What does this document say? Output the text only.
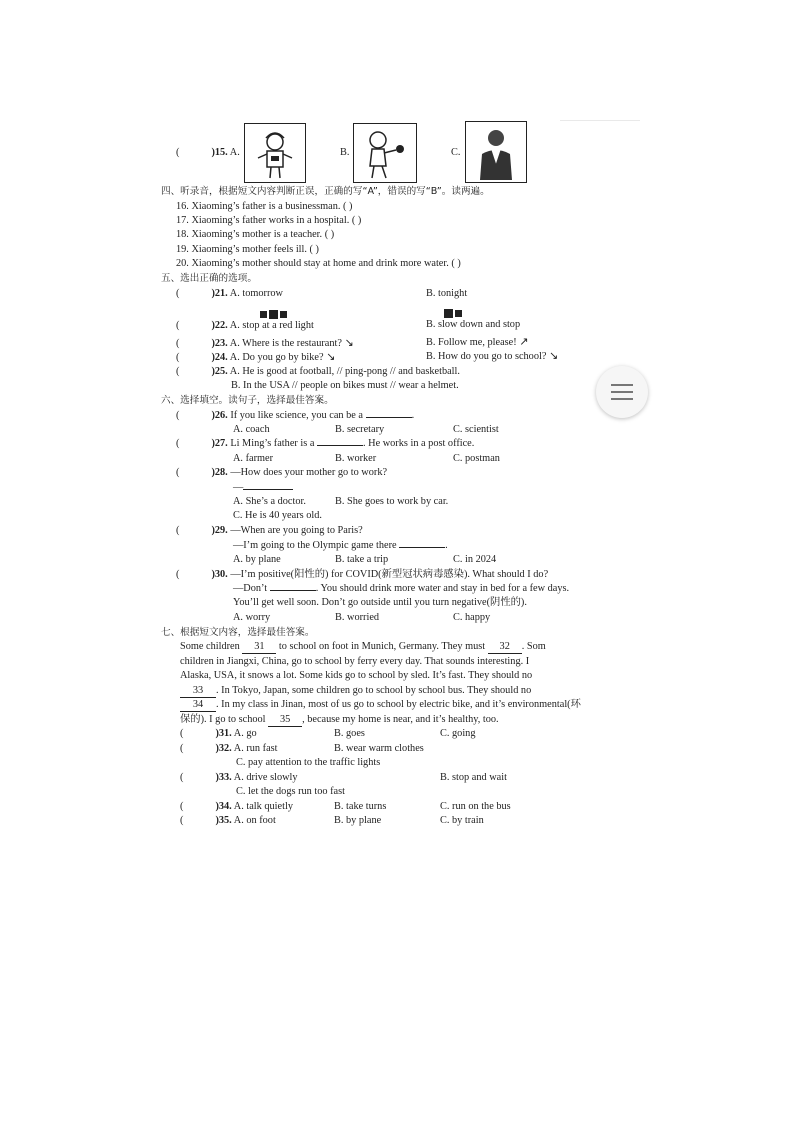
(	)15. A.	B.	C.
四、听录音，根据短文内容判断正误，正确的写“A”，错误的写“B”。读两遍。
16. Xiaoming’s father is a businessman. ( )
17. Xiaoming’s father works in a hospital. ( )
18. Xiaoming’s mother is a teacher. ( )
19. Xiaoming’s mother feels ill. ( )
20. Xiaoming’s mother should stay at home and drink more water. ( )
五、选出正确的选项。
(	)21. A. tomorrow	B. tonight
(	)22. A. stop at a red light	B. slow down and stop
(	)23. A. Where is the restaurant? ↘	B. Follow me, please! ↗
(	)24. A. Do you go by bike? ↘	B. How do you go to school? ↘
(	)25. A. He is good at football, // ping-pong // and basketball.
B. In the USA // people on bikes must // wear a helmet.
六、选择填空。读句子，选择最佳答案。
(	)26. If you like science, you can be a	.
A. coach	B. secretary	C. scientist
(	)27. Li Ming’s father is a	. He works in a post office.
A. farmer	B. worker	C. postman
(	)28. —How does your mother go to work?
—
A. She’s a doctor.	B. She goes to work by car.
C. He is 40 years old.
(	)29. —When are you going to Paris?
—I’m going to the Olympic game there	.
A. by plane	B. take a trip	C. in 2024
(	)30. —I’m positive(阳性的) for COVID(新型冠状病毒感染). What should I do?
—Don’t	. You should drink more water and stay in bed for a few days.
You’ll get well soon. Don’t go outside until you turn negative(阴性的).
A. worry	B. worried	C. happy
七、根据短文内容，选择最佳答案。
Some children 31 to school on foot in Munich, Germany. They must 32 . Som
children in Jiangxi, China, go to school by ferry every day. That sounds interesting. I
Alaska, USA, it snows a lot. Some kids go to school by sled. It’s fast. They should no
33 . In Tokyo, Japan, some children go to school by school bus. They should no
34 . In my class in Jinan, most of us go to school by electric bike, and it’s environmental(环
保的). I go to school 35 , because my home is near, and it’s healthy, too.
(	)31. A. go	B. goes	C. going
(	)32. A. run fast	B. wear warm clothes
C. pay attention to the traffic lights
(	)33. A. drive slowly	B. stop and wait
C. let the dogs run too fast
(	)34. A. talk quietly	B. take turns	C. run on the bus
(	)35. A. on foot	B. by plane	C. by train
